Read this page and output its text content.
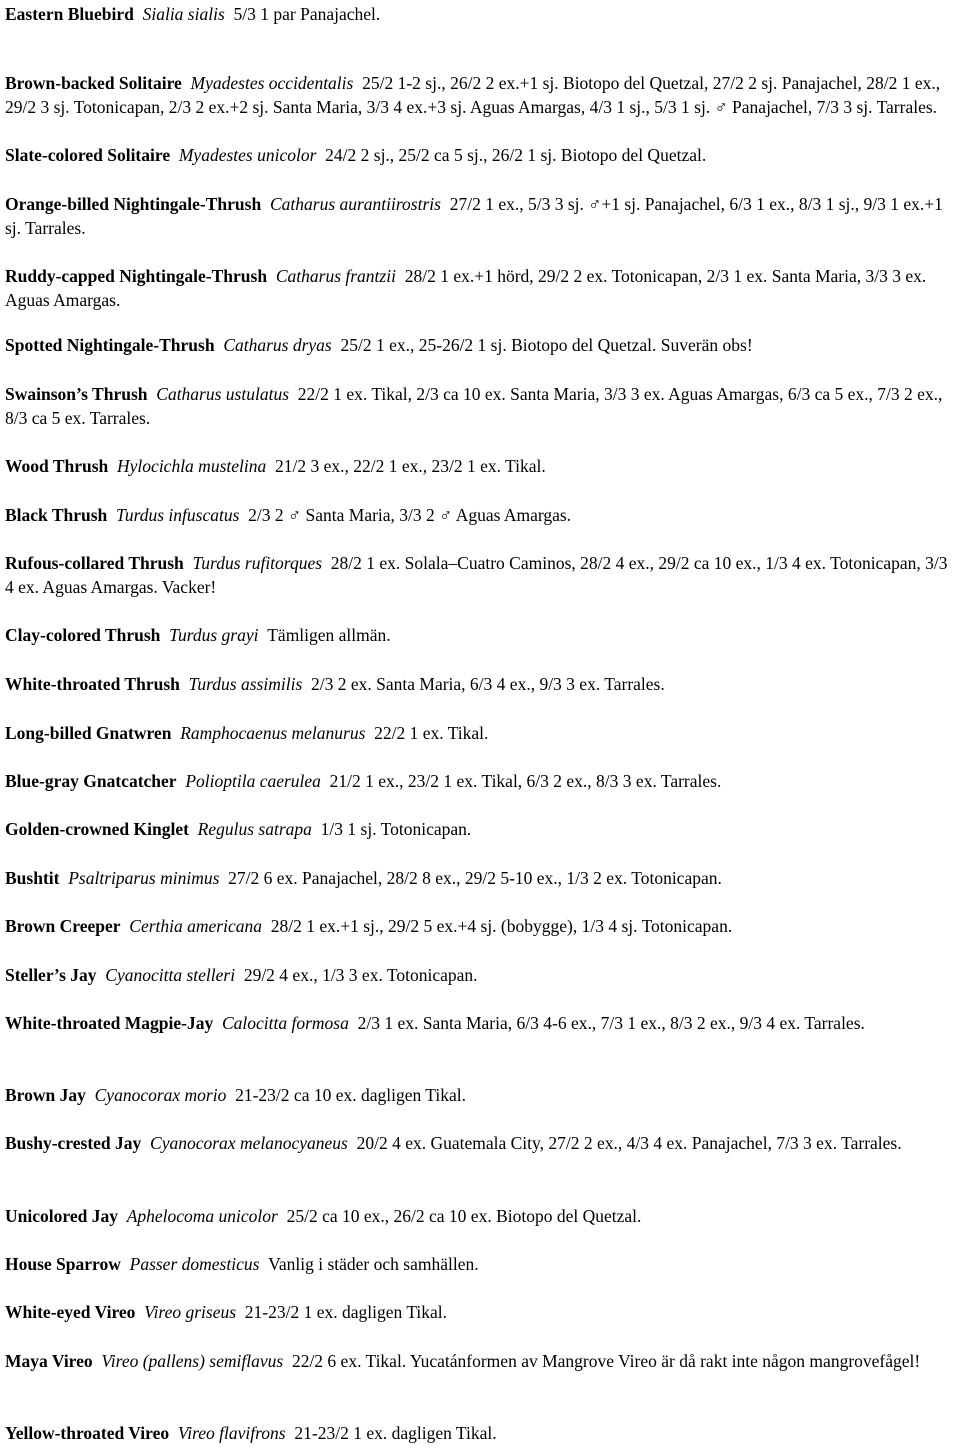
Eastern Bluebird  Sialia sialis  5/3 1 par Panajachel.

Brown-backed Solitaire  Myadestes occidentalis  25/2 1-2 sj., 26/2 2 ex.+1 sj. Biotopo del Quetzal, 27/2 2 sj. Panajachel, 28/2 1 ex., 29/2 3 sj. Totonicapan, 2/3 2 ex.+2 sj. Santa Maria, 3/3 4 ex.+3 sj. Aguas Amargas, 4/3 1 sj., 5/3 1 sj. ♂ Panajachel, 7/3 3 sj. Tarrales.

Slate-colored Solitaire  Myadestes unicolor  24/2 2 sj., 25/2 ca 5 sj., 26/2 1 sj. Biotopo del Quetzal.

Orange-billed Nightingale-Thrush  Catharus aurantiirostris  27/2 1 ex., 5/3 3 sj. ♂+1 sj. Panajachel, 6/3 1 ex., 8/3 1 sj., 9/3 1 ex.+1 sj. Tarrales.

Ruddy-capped Nightingale-Thrush  Catharus frantzii  28/2 1 ex.+1 hörd, 29/2 2 ex. Totonicapan, 2/3 1 ex. Santa Maria, 3/3 3 ex. Aguas Amargas.

Spotted Nightingale-Thrush  Catharus dryas  25/2 1 ex., 25-26/2 1 sj. Biotopo del Quetzal. Suverän obs!

Swainson’s Thrush  Catharus ustulatus  22/2 1 ex. Tikal, 2/3 ca 10 ex. Santa Maria, 3/3 3 ex. Aguas Amargas, 6/3 ca 5 ex., 7/3 2 ex., 8/3 ca 5 ex. Tarrales.

Wood Thrush  Hylocichla mustelina  21/2 3 ex., 22/2 1 ex., 23/2 1 ex. Tikal.

Black Thrush  Turdus infuscatus  2/3 2 ♂ Santa Maria, 3/3 2 ♂ Aguas Amargas.

Rufous-collared Thrush  Turdus rufitorques  28/2 1 ex. Solala–Cuatro Caminos, 28/2 4 ex., 29/2 ca 10 ex., 1/3 4 ex. Totonicapan, 3/3 4 ex. Aguas Amargas. Vacker!

Clay-colored Thrush  Turdus grayi  Tämligen allmän.

White-throated Thrush  Turdus assimilis  2/3 2 ex. Santa Maria, 6/3 4 ex., 9/3 3 ex. Tarrales.

Long-billed Gnatwren  Ramphocaenus melanurus  22/2 1 ex. Tikal.

Blue-gray Gnatcatcher  Polioptila caerulea  21/2 1 ex., 23/2 1 ex. Tikal, 6/3 2 ex., 8/3 3 ex. Tarrales.

Golden-crowned Kinglet  Regulus satrapa  1/3 1 sj. Totonicapan.

Bushtit  Psaltriparus minimus  27/2 6 ex. Panajachel, 28/2 8 ex., 29/2 5-10 ex., 1/3 2 ex. Totonicapan.

Brown Creeper  Certhia americana  28/2 1 ex.+1 sj., 29/2 5 ex.+4 sj. (bobygge), 1/3 4 sj. Totonicapan.

Steller’s Jay  Cyanocitta stelleri  29/2 4 ex., 1/3 3 ex. Totonicapan.

White-throated Magpie-Jay  Calocitta formosa  2/3 1 ex. Santa Maria, 6/3 4-6 ex., 7/3 1 ex., 8/3 2 ex., 9/3 4 ex. Tarrales.

Brown Jay  Cyanocorax morio  21-23/2 ca 10 ex. dagligen Tikal.

Bushy-crested Jay  Cyanocorax melanocyaneus  20/2 4 ex. Guatemala City, 27/2 2 ex., 4/3 4 ex. Panajachel, 7/3 3 ex. Tarrales.

Unicolored Jay  Aphelocoma unicolor  25/2 ca 10 ex., 26/2 ca 10 ex. Biotopo del Quetzal.

House Sparrow  Passer domesticus  Vanlig i städer och samhällen.

White-eyed Vireo  Vireo griseus  21-23/2 1 ex. dagligen Tikal.

Maya Vireo  Vireo (pallens) semiflavus  22/2 6 ex. Tikal. Yucatánformen av Mangrove Vireo är då rakt inte någon mangrovefågel!

Yellow-throated Vireo  Vireo flavifrons  21-23/2 1 ex. dagligen Tikal.
